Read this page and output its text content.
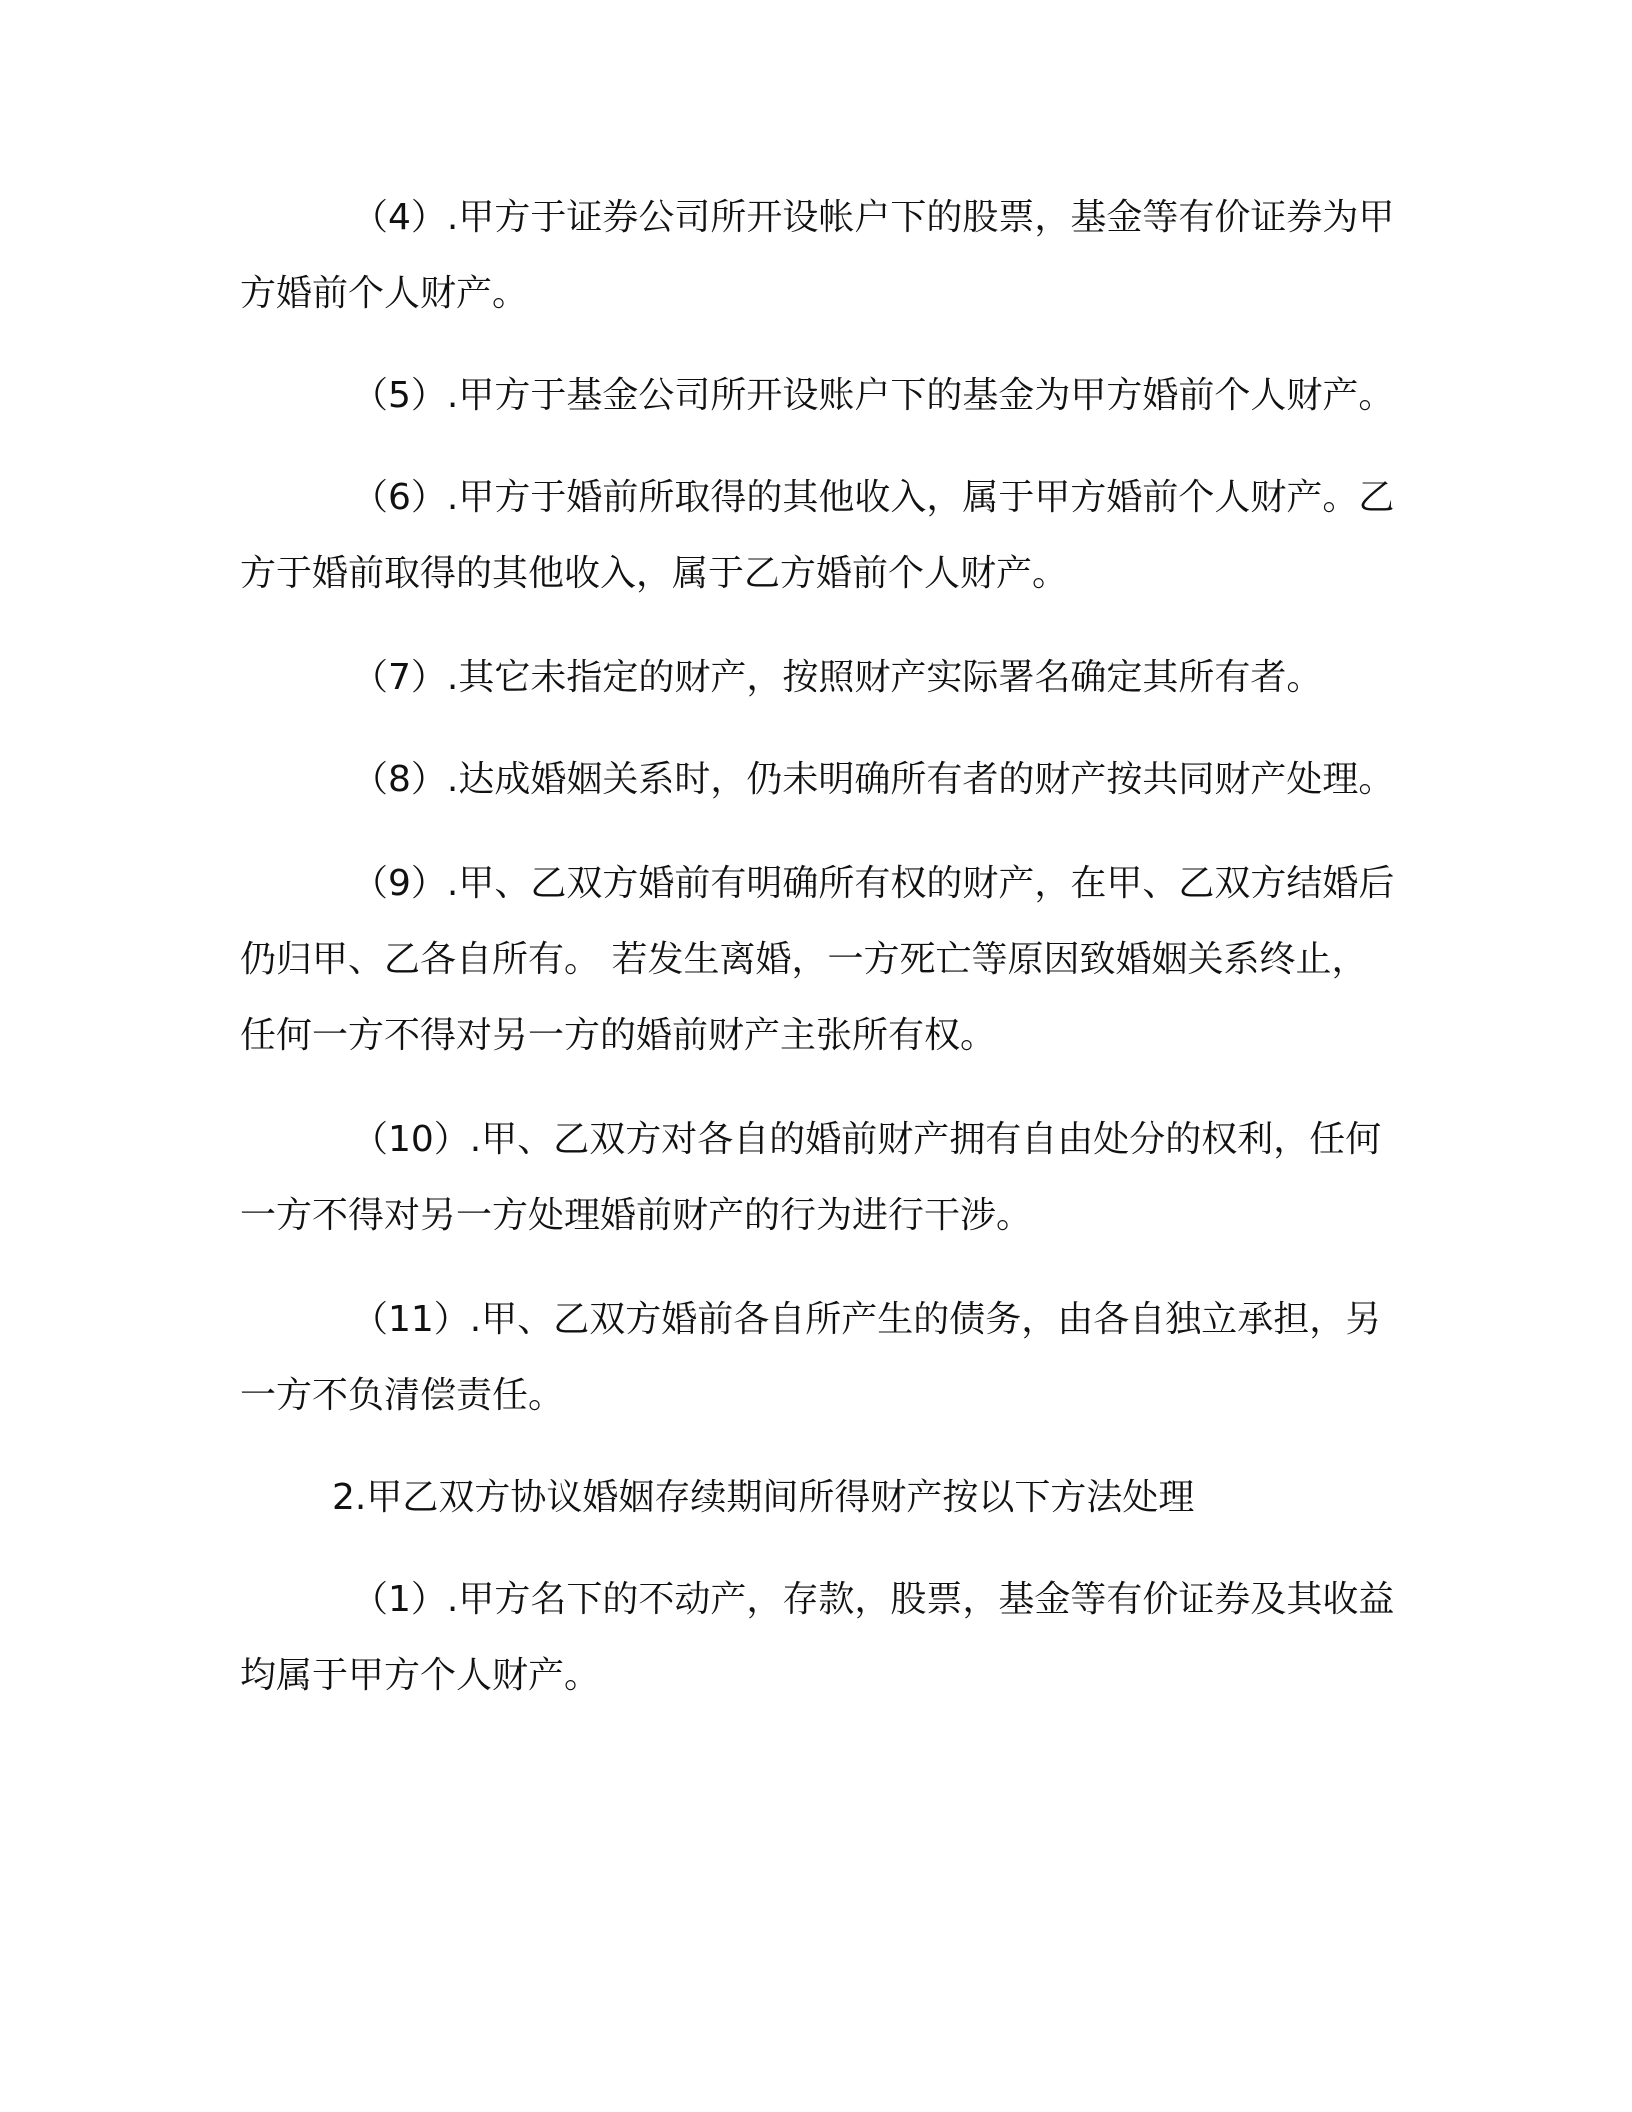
（4）.甲方于证券公司所开设帐户下的股票，基金等有价证券为甲方婚前个人财产。

（5）.甲方于基金公司所开设账户下的基金为甲方婚前个人财产。

（6）.甲方于婚前所取得的其他收入，属于甲方婚前个人财产。乙方于婚前取得的其他收入，属于乙方婚前个人财产。

（7）.其它未指定的财产，按照财产实际署名确定其所有者。

（8）.达成婚姻关系时，仍未明确所有者的财产按共同财产处理。

（9）.甲、乙双方婚前有明确所有权的财产，在甲、乙双方结婚后仍归甲、乙各自所有。 若发生离婚，一方死亡等原因致婚姻关系终止，任何一方不得对另一方的婚前财产主张所有权。

（10）.甲、乙双方对各自的婚前财产拥有自由处分的权利，任何一方不得对另一方处理婚前财产的行为进行干涉。

（11）.甲、乙双方婚前各自所产生的债务，由各自独立承担，另一方不负清偿责任。

2.甲乙双方协议婚姻存续期间所得财产按以下方法处理

（1）.甲方名下的不动产，存款，股票，基金等有价证券及其收益均属于甲方个人财产。
